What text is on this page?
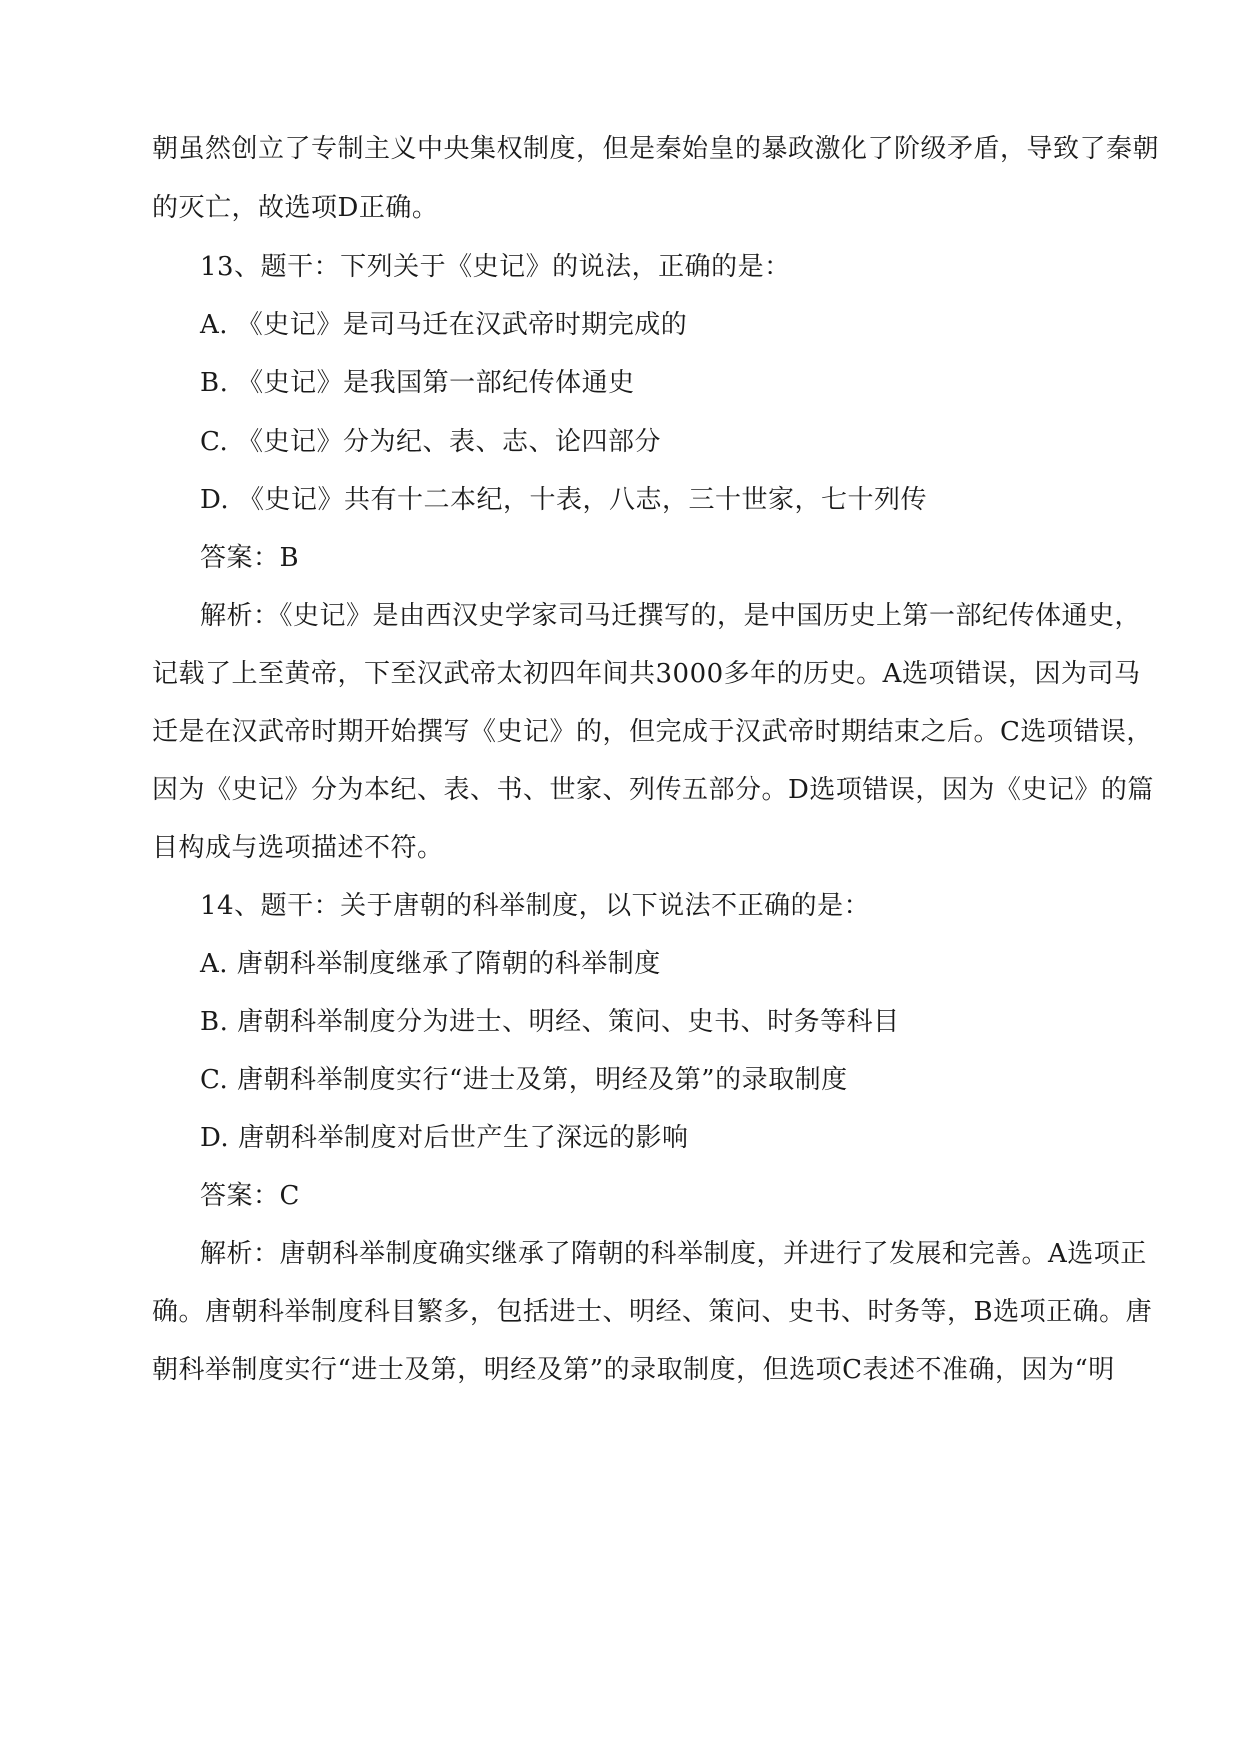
朝虽然创立了专制主义中央集权制度，但是秦始皇的暴政激化了阶级矛盾，导致了秦朝
的灭亡，故选项D正确。
13、题干：下列关于《史记》的说法，正确的是：
A. 《史记》是司马迁在汉武帝时期完成的
B. 《史记》是我国第一部纪传体通史
C. 《史记》分为纪、表、志、论四部分
D. 《史记》共有十二本纪，十表，八志，三十世家，七十列传
答案：B
解析：《史记》是由西汉史学家司马迁撰写的，是中国历史上第一部纪传体通史，
记载了上至黄帝，下至汉武帝太初四年间共3000多年的历史。A选项错误，因为司马
迁是在汉武帝时期开始撰写《史记》的，但完成于汉武帝时期结束之后。C选项错误，
因为《史记》分为本纪、表、书、世家、列传五部分。D选项错误，因为《史记》的篇
目构成与选项描述不符。
14、题干：关于唐朝的科举制度，以下说法不正确的是：
A. 唐朝科举制度继承了隋朝的科举制度
B. 唐朝科举制度分为进士、明经、策问、史书、时务等科目
C. 唐朝科举制度实行“进士及第，明经及第”的录取制度
D. 唐朝科举制度对后世产生了深远的影响
答案：C
解析：唐朝科举制度确实继承了隋朝的科举制度，并进行了发展和完善。A选项正
确。唐朝科举制度科目繁多，包括进士、明经、策问、史书、时务等，B选项正确。唐
朝科举制度实行“进士及第，明经及第”的录取制度，但选项C表述不准确，因为“明
